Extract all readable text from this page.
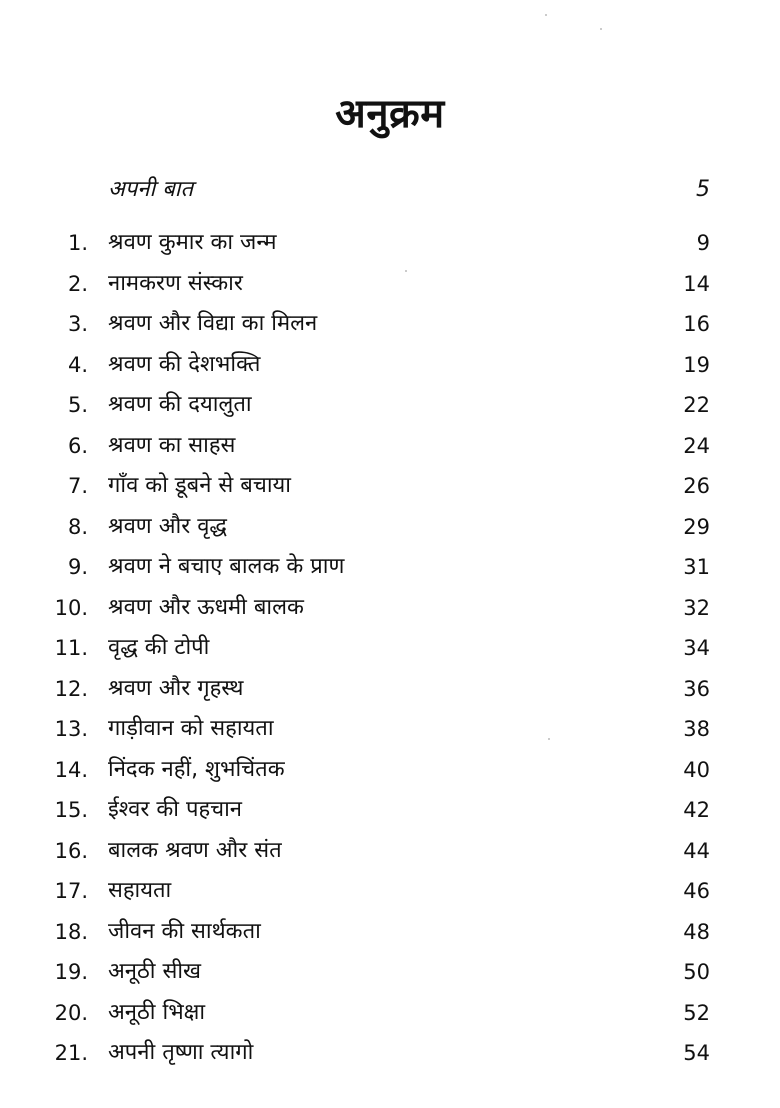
अनुक्रम
अपनी बात	5
1. श्रवण कुमार का जन्म	9
2. नामकरण संस्कार	14
3. श्रवण और विद्या का मिलन	16
4. श्रवण की देशभक्ति	19
5. श्रवण की दयालुता	22
6. श्रवण का साहस	24
7. गाँव को डूबने से बचाया	26
8. श्रवण और वृद्ध	29
9. श्रवण ने बचाए बालक के प्राण	31
10. श्रवण और ऊधमी बालक	32
11. वृद्ध की टोपी	34
12. श्रवण और गृहस्थ	36
13. गाड़ीवान को सहायता	38
14. निंदक नहीं, शुभचिंतक	40
15. ईश्वर की पहचान	42
16. बालक श्रवण और संत	44
17. सहायता	46
18. जीवन की सार्थकता	48
19. अनूठी सीख	50
20. अनूठी भिक्षा	52
21. अपनी तृष्णा त्यागो	54
